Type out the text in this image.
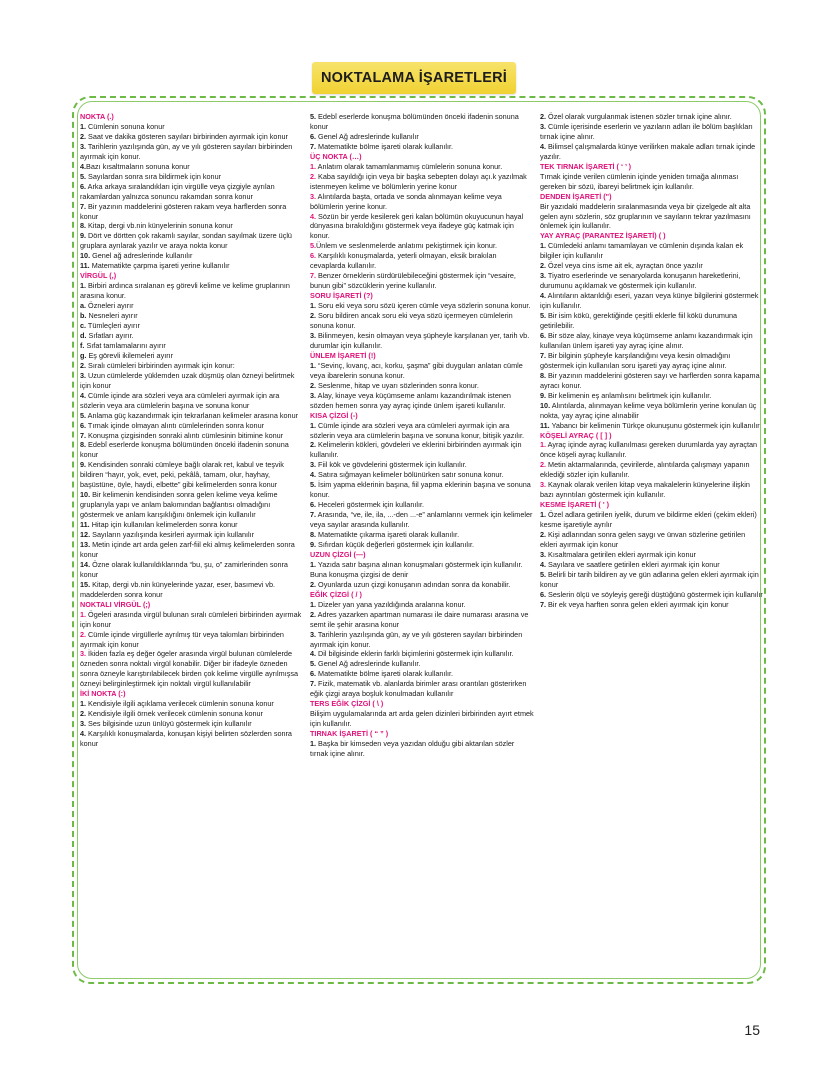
NOKTALAMA İŞARETLERİ
NOKTA (.)
1. Cümlenin sonuna konur
2. Saat ve dakika gösteren sayıları birbirinden ayırmak için konur
3. Tarihlerin yazılışında gün, ay ve yılı gösteren sayıları birbirinden ayırmak için konur.
4.Bazı kısaltmaların sonuna konur
5. Sayılardan sonra sıra bildirmek için konur
6. Arka arkaya sıralandıkları için virgülle veya çizgiyle ayrılan rakamlardan yalnızca sonuncu rakamdan sonra konur
7. Bir yazının maddelerini gösteren rakam veya harflerden sonra konur
8. Kitap, dergi vb.nin künyelerinin sonuna konur
9. Dört ve dörtten çok rakamlı sayılar, sondan sayılmak üzere üçlü gruplara ayrılarak yazılır ve araya nokta konur
10. Genel ağ adreslerinde kullanılır
11. Matematikte çarpma işareti yerine kullanılır
VİRGÜL (,)
1. Birbiri ardınca sıralanan eş görevli kelime ve kelime gruplarının arasına konur.
a. Özneleri ayırır
b. Nesneleri ayırır
c. Tümleçleri ayırır
d. Sıfatları ayırır.
f. Sıfat tamlamalarını ayırır
g. Eş görevli ikilemeleri ayırır
2. Sıralı cümleleri birbirinden ayırmak için konur:
3. Uzun cümlelerde yüklemden uzak düşmüş olan özneyi belirtmek için konur
4. Cümle içinde ara sözleri veya ara cümleleri ayırmak için ara sözlerin veya ara cümlelerin başına ve sonuna konur
5. Anlama güç kazandırmak için tekrarlanan kelimeler arasına konur
6. Tırnak içinde olmayan alıntı cümlelerinden sonra konur
7. Konuşma çizgisinden sonraki alıntı cümlesinin bitimine konur
8. Edebî eserlerde konuşma bölümünden önceki ifadenin sonuna konur
9. Kendisinden sonraki cümleye bağlı olarak ret, kabul ve teşvik bildiren “hayır, yok, evet, peki, pekâlâ, tamam, olur, hayhay, başüstüne, öyle, haydi, elbette” gibi kelimelerden sonra konur
10. Bir kelimenin kendisinden sonra gelen kelime veya kelime gruplarıyla yapı ve anlam bakımından bağlantısı olmadığını göstermek ve anlam karışıklığını önlemek için kullanılır
11. Hitap için kullanılan kelimelerden sonra konur
12. Sayıların yazılışında kesirleri ayırmak için kullanılır
13. Metin içinde art arda gelen zarf-fiil eki almış kelimelerden sonra konur
14. Özne olarak kullanıldıklarında “bu, şu, o” zamirlerinden sonra konur
15. Kitap, dergi vb.nin künyelerinde yazar, eser, basımevi vb. maddelerden sonra konur
NOKTALI VİRGÜL (;)
1. Ögeleri arasında virgül bulunan sıralı cümleleri birbirinden ayırmak için konur
2. Cümle içinde virgüllerle ayrılmış tür veya takımları birbirinden ayırmak için konur
3. İkiden fazla eş değer ögeler arasında virgül bulunan cümlelerde özneden sonra noktalı virgül konabilir. Diğer bir ifadeyle özneden sonra özneyle karıştırılabilecek birden çok kelime virgülle ayrılmışsa özneyi belirginleştirmek için noktalı virgül kullanılabilir
İKİ NOKTA (:)
1. Kendisiyle ilgili açıklama verilecek cümlenin sonuna konur
2. Kendisiyle ilgili örnek verilecek cümlenin sonuna konur
3. Ses bilgisinde uzun ünlüyü göstermek için kullanılır
4. Karşılıklı konuşmalarda, konuşan kişiyi belirten sözlerden sonra konur
5. Edebî eserlerde konuşma bölümünden önceki ifadenin sonuna konur
6. Genel Ağ adreslerinde kullanılır
7. Matematikte bölme işareti olarak kullanılır.
ÜÇ NOKTA (…)
1. Anlatım olarak tamamlanmamış cümlelerin sonuna konur.
2. Kaba sayıldığı için veya bir başka sebepten dolayı açı.k yazılmak istenmeyen kelime ve bölümlerin yerine konur
3. Alıntılarda başta, ortada ve sonda alınmayan kelime veya bölümlerin yerine konur.
4. Sözün bir yerde kesilerek geri kalan bölümün okuyucunun hayal dünyasına bırakıldığını göstermek veya ifadeye güç katmak için konur.
5.Ünlem ve seslenmelerde anlatımı pekiştirmek için konur.
6. Karşılıklı konuşmalarda, yeterli olmayan, eksik bırakılan cevaplarda kullanılır.
7. Benzer örneklerin sürdürülebileceğini göstermek için “vesaire, bunun gibi” sözcüklerin yerine kullanılır.
SORU İŞARETİ (?)
1. Soru eki veya soru sözü içeren cümle veya sözlerin sonuna konur.
2. Soru bildiren ancak soru eki veya sözü içermeyen cümlelerin sonuna konur.
3. Bilinmeyen, kesin olmayan veya şüpheyle karşılanan yer, tarih vb. durumlar için kullanılır.
ÜNLEM İŞARETİ (!)
1. “Sevinç, kıvanç, acı, korku, şaşma” gibi duyguları anlatan cümle veya ibarelerin sonuna konur.
2. Seslenme, hitap ve uyarı sözlerinden sonra konur.
3. Alay, kinaye veya küçümseme anlamı kazandırılmak istenen sözden hemen sonra yay ayraç içinde ünlem işareti kullanılır.
KISA ÇİZGİ (-)
1. Cümle içinde ara sözleri veya ara cümleleri ayırmak için ara sözlerin veya ara cümlelerin başına ve sonuna konur, bitişik yazılır.
2. Kelimelerin kökleri, gövdeleri ve eklerini birbirinden ayırmak için kullanılır.
3. Fiil kök ve gövdelerini göstermek için kullanılır.
4. Satıra sığmayan kelimeler bölünürken satır sonuna konur.
5. İsim yapma eklerinin başına, fiil yapma eklerinin başına ve sonuna konur.
6. Heceleri göstermek için kullanılır.
7. Arasında, “ve, ile, ila, ...-den ...-e” anlamlarını vermek için kelimeler veya sayılar arasında kullanılır.
8. Matematikte çıkarma işareti olarak kullanılır.
9. Sıfırdan küçük değerleri göstermek için kullanılır.
UZUN ÇİZGİ (—)
1. Yazıda satır başına alınan konuşmaları göstermek için kullanılır. Buna konuşma çizgisi de denir
2. Oyunlarda uzun çizgi konuşanın adından sonra da konabilir.
EĞİK ÇİZGİ ( / )
1. Dizeler yan yana yazıldığında aralarına konur.
2. Adres yazarken apartman numarası ile daire numarası arasına ve semt ile şehir arasına konur
3. Tarihlerin yazılışında gün, ay ve yılı gösteren sayıları birbirinden ayırmak için konur.
4. Dil bilgisinde eklerin farklı biçimlerini göstermek için kullanılır.
5. Genel Ağ adreslerinde kullanılır.
6. Matematikte bölme işareti olarak kullanılır.
7. Fizik, matematik vb. alanlarda birimler arası orantıları gösterirken eğik çizgi araya boşluk konulmadan kullanılır
TERS EĞİK ÇİZGİ ( \ )
Bilişim uygulamalarında art arda gelen dizinleri birbirinden ayırt etmek için kullanılır.
TIRNAK İŞARETİ ( “ ” )
1. Başka bir kimseden veya yazıdan olduğu gibi aktarılan sözler tırnak içine alınır.
2. Özel olarak vurgulanmak istenen sözler tırnak içine alınır.
3. Cümle içerisinde eserlerin ve yazıların adları ile bölüm başlıkları tırnak içine alınır.
4. Bilimsel çalışmalarda künye verilirken makale adları tırnak içinde yazılır.
TEK TIRNAK İŞARETİ ( ‘ ’ )
Tırnak içinde verilen cümlenin içinde yeniden tırnağa alınması gereken bir sözü, ibareyi belirtmek için kullanılır.
DENDEN İŞARETİ (")
Bir yazıdaki maddelerin sıralanmasında veya bir çizelgede alt alta gelen aynı sözlerin, söz gruplarının ve sayıların tekrar yazılmasını önlemek için kullanılır.
YAY AYRAÇ (PARANTEZ İŞARETİ) ( )
1. Cümledeki anlamı tamamlayan ve cümlenin dışında kalan ek bilgiler için kullanılır
2. Özel veya cins isme ait ek, ayraçtan önce yazılır
3. Tiyatro eserlerinde ve senaryolarda konuşanın hareketlerini, durumunu açıklamak ve göstermek için kullanılır.
4. Alıntıların aktarıldığı eseri, yazarı veya künye bilgilerini göstermek için kullanılır.
5. Bir isim kökü, gerektiğinde çeşitli eklerle fiil kökü durumuna getirilebilir.
6. Bir söze alay, kinaye veya küçümseme anlamı kazandırmak için kullanılan ünlem işareti yay ayraç içine alınır.
7. Bir bilginin şüpheyle karşılandığını veya kesin olmadığını göstermek için kullanılan soru işareti yay ayraç içine alınır.
8. Bir yazının maddelerini gösteren sayı ve harflerden sonra kapama ayracı konur.
9. Bir kelimenin eş anlamlısını belirtmek için kullanılır.
10. Alıntılarda, alınmayan kelime veya bölümlerin yerine konulan üç nokta, yay ayraç içine alınabilir
11. Yabancı bir kelimenin Türkçe okunuşunu göstermek için kullanılır
KÖŞELİ AYRAÇ ( [ ] )
1. Ayraç içinde ayraç kullanılması gereken durumlarda yay ayraçtan önce köşeli ayraç kullanılır.
2. Metin aktarmalarında, çevirilerde, alıntılarda çalışmayı yapanın eklediği sözler için kullanılır.
3. Kaynak olarak verilen kitap veya makalelerin künyelerine ilişkin bazı ayrıntıları göstermek için kullanılır.
KESME İŞARETİ ( ' )
1. Özel adlara getirilen iyelik, durum ve bildirme ekleri (çekim ekleri) kesme işaretiyle ayrılır
2. Kişi adlarından sonra gelen saygı ve ünvan sözlerine getirilen ekleri ayırmak için konur
3. Kısaltmalara getirilen ekleri ayırmak için konur
4. Sayılara ve saatlere getirilen ekleri ayırmak için konur
5. Belirli bir tarih bildiren ay ve gün adlarına gelen ekleri ayırmak için konur
6. Seslerin ölçü ve söyleyiş gereği düştüğünü göstermek için kullanılır
7. Bir ek veya harften sonra gelen ekleri ayırmak için konur
15
